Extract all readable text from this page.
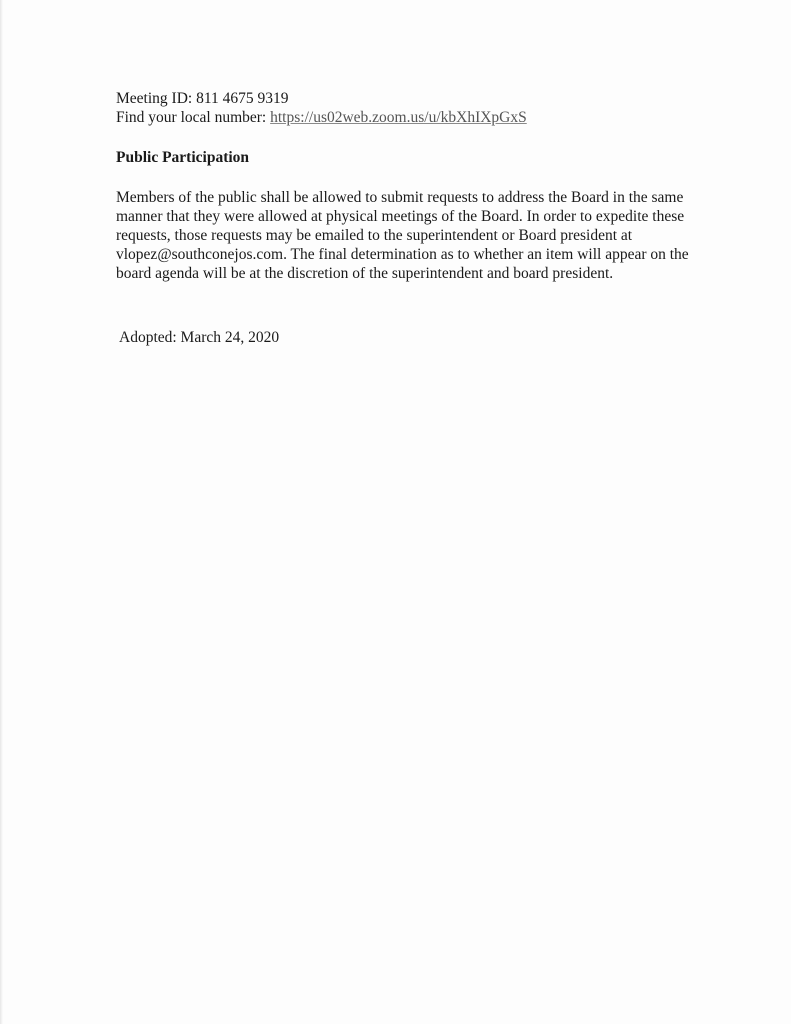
Meeting ID: 811 4675 9319
Find your local number: https://us02web.zoom.us/u/kbXhIXpGxS
Public Participation
Members of the public shall be allowed to submit requests to address the Board in the same
manner that they were allowed at physical meetings of the Board. In order to expedite these
requests, those requests may be emailed to the superintendent or Board president at
vlopez@southconejos.com. The final determination as to whether an item will appear on the
board agenda will be at the discretion of the superintendent and board president.
Adopted: March 24, 2020
